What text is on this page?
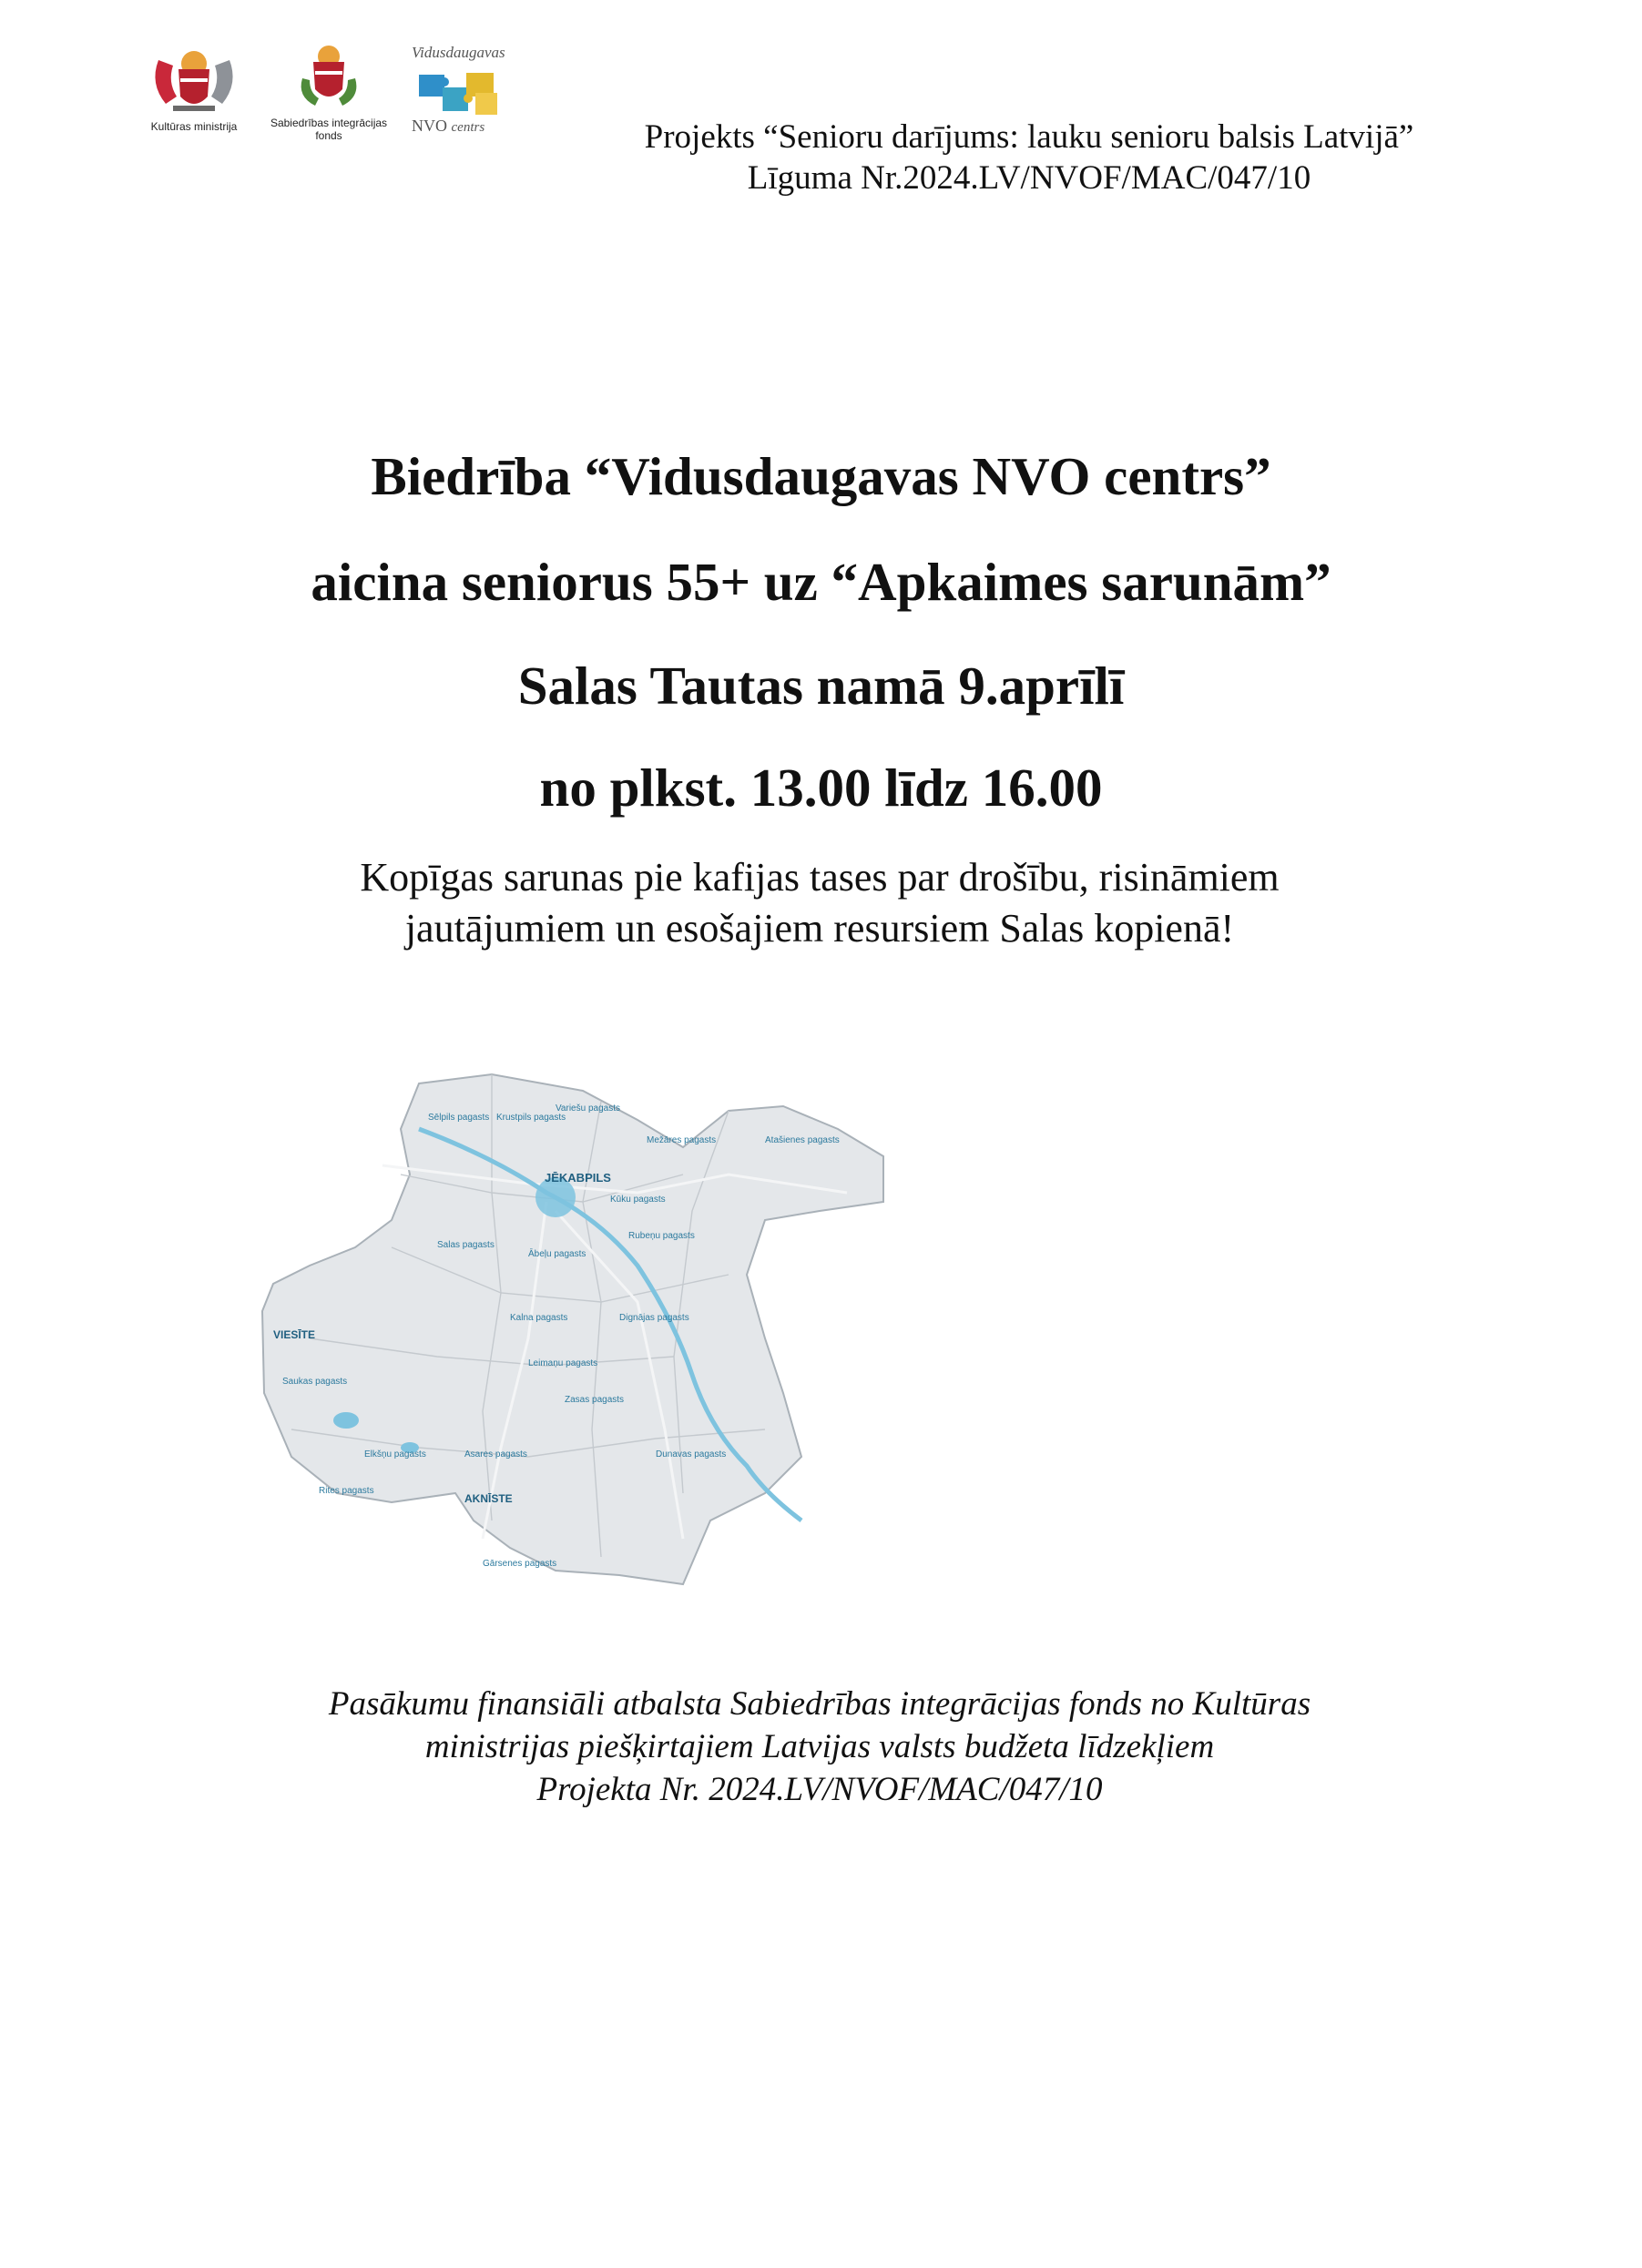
Kultūras ministrija	Sabiedrības integrācijas
fonds
Vidusdaugavas
NVO centrs	Projekts “Senioru darījums: lauku senioru balsis Latvijā”
Līguma Nr.2024.LV/NVOF/MAC/047/10
Biedrība “Vidusdaugavas NVO centrs”
aicina seniorus 55+ uz “Apkaimes sarunām”
Salas Tautas namā 9.aprīlī
no plkst. 13.00 līdz 16.00
Kopīgas sarunas pie kafijas tases par drošību, risināmiem
jautājumiem un esošajiem resursiem Salas kopienā!
JĒKABPILS
VIESĪTE
AKNĪSTE
Sēlpils pagasts Krustpils pagasts
Variešu pagasts
Atašienes pagasts
Mežāres pagasts
Kūku pagasts
Salas pagasts
Ābeļu pagasts
Rubeņu pagasts
Kalna pagasts	Dignājas pagasts
Leimaņu pagasts
Zasas pagasts
Saukas pagasts
Elkšņu pagasts
Rites pagasts
Asares pagasts	Dunavas pagasts
Gārsenes pagasts
Pasākumu finansiāli atbalsta Sabiedrības integrācijas fonds no Kultūras
ministrijas piešķirtajiem Latvijas valsts budžeta līdzekļiem
Projekta Nr. 2024.LV/NVOF/MAC/047/10
